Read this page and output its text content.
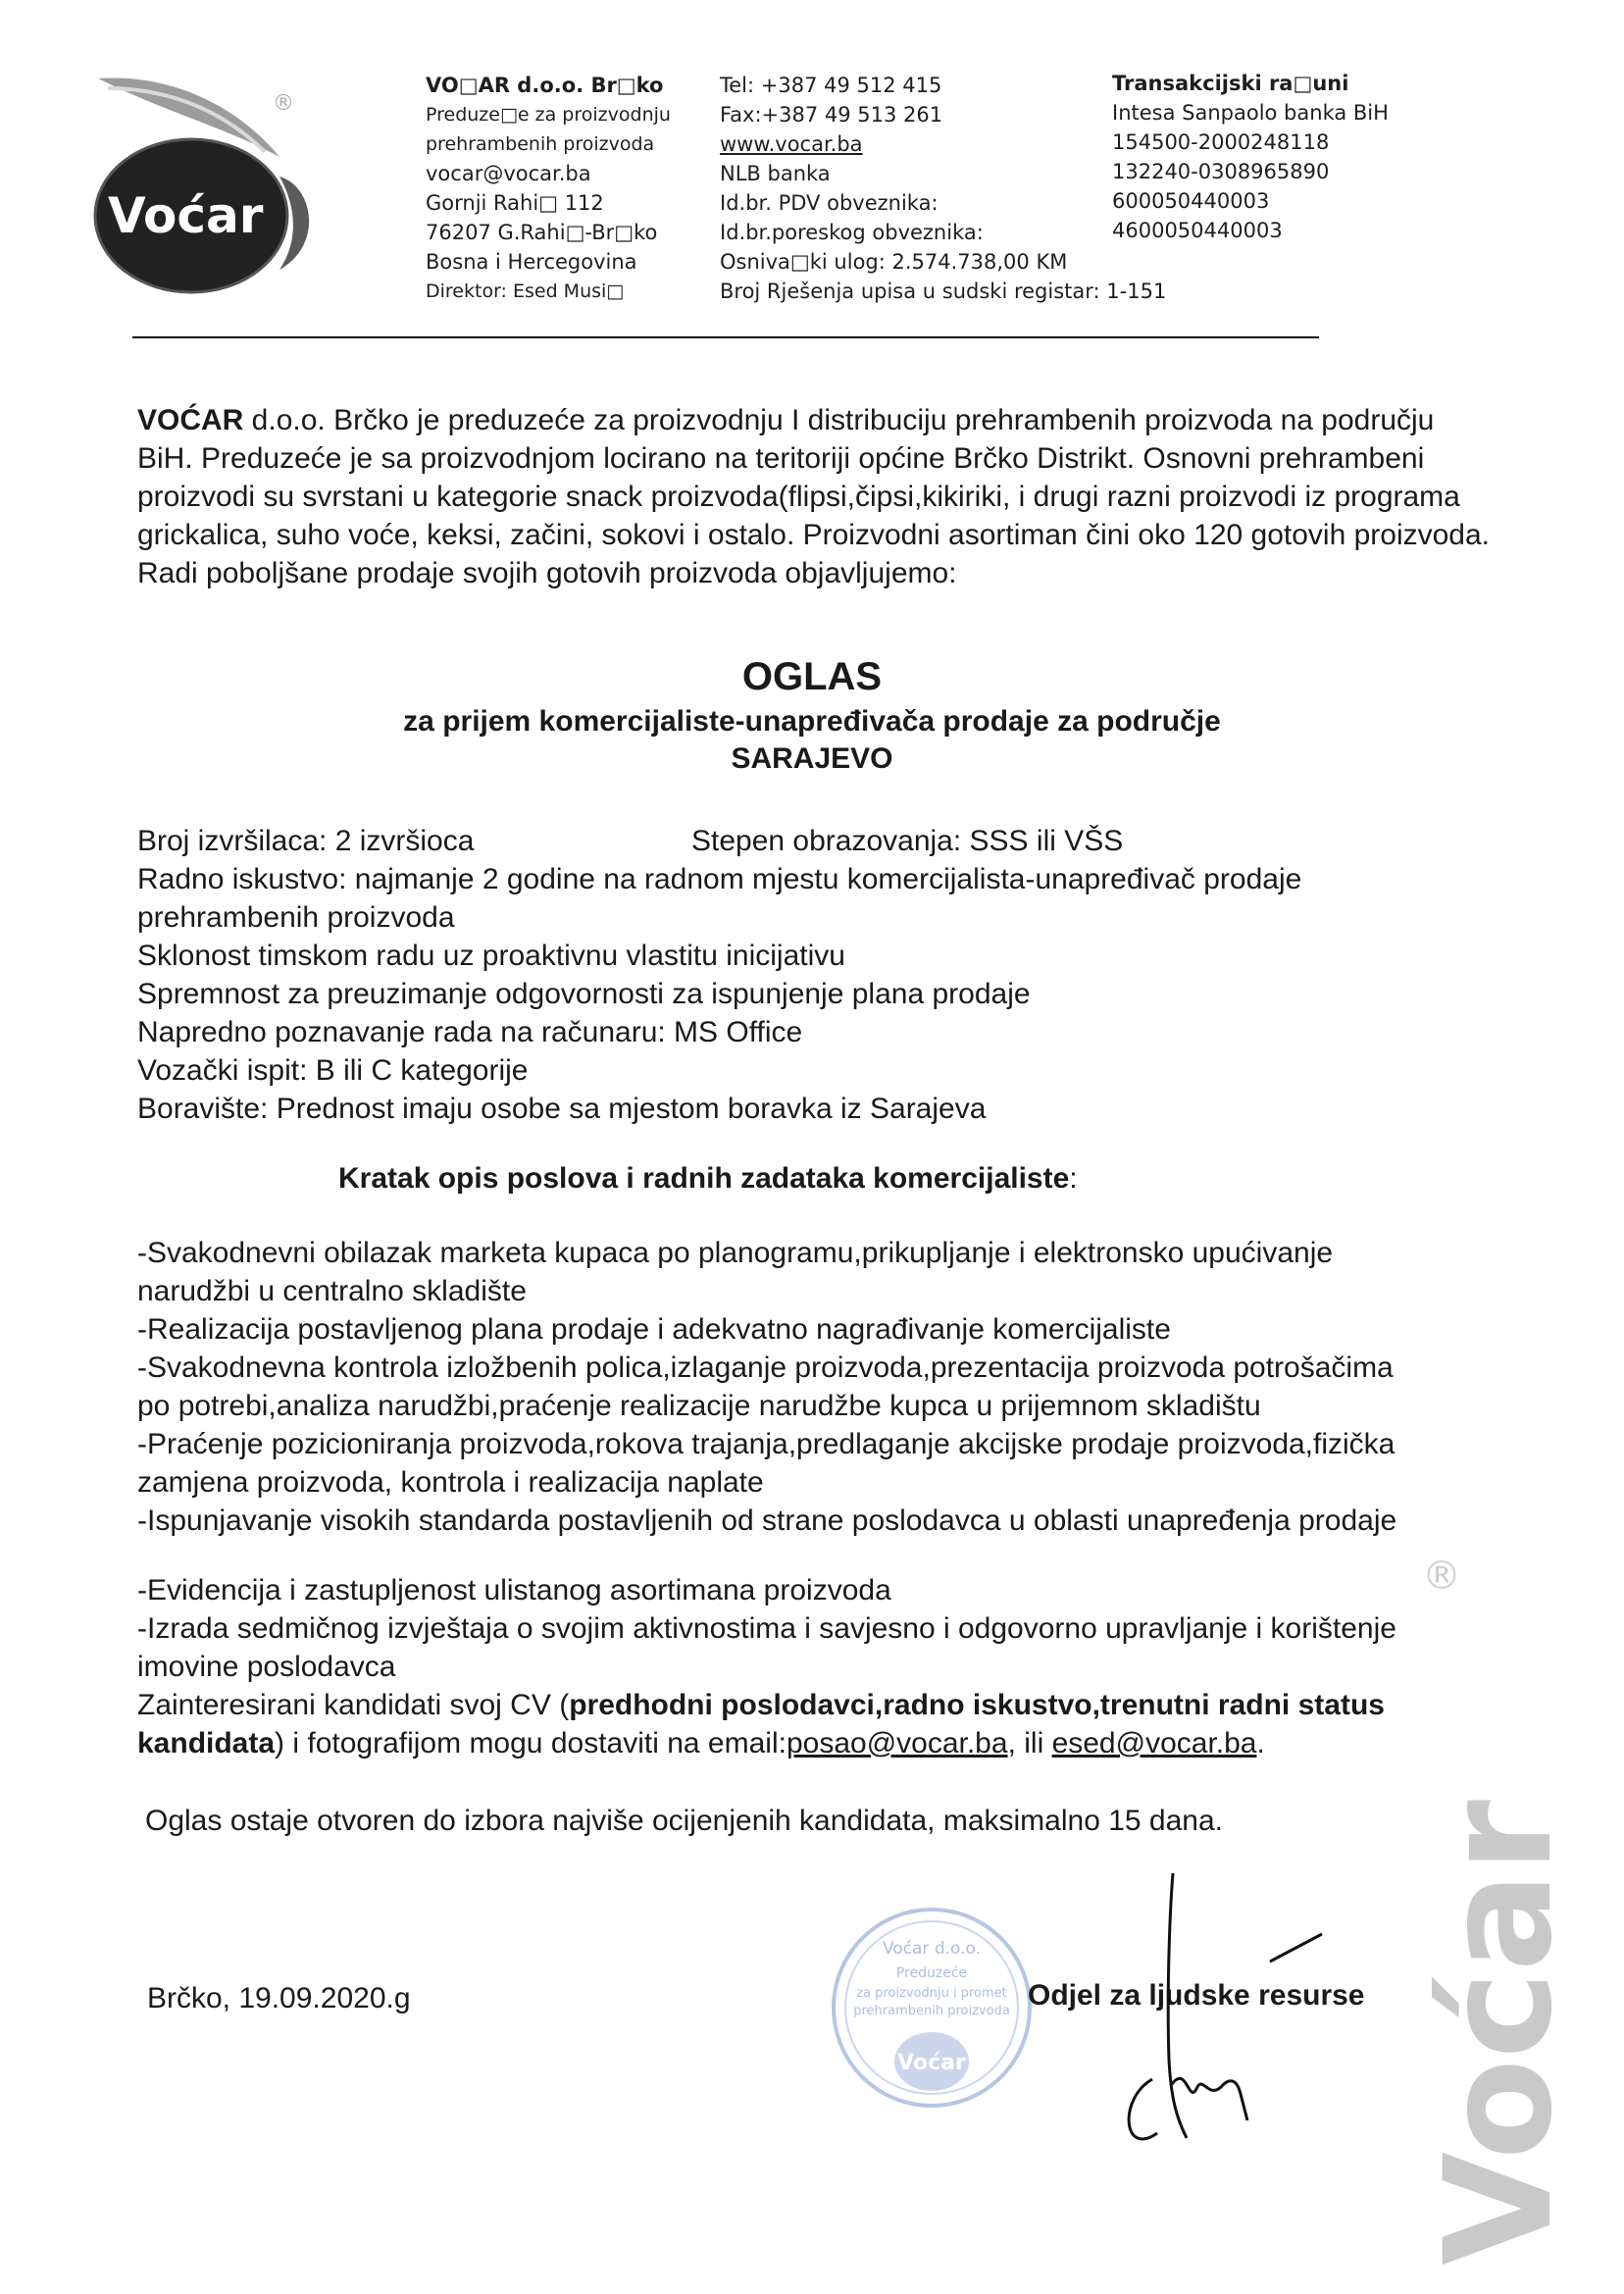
Voćar
®
VO□AR d.o.o. Br□ko
Preduze□e za proizvodnju
prehrambenih proizvoda
vocar@vocar.ba
Gornji Rahi□ 112
76207 G.Rahi□-Br□ko
Bosna i Hercegovina
Direktor: Esed Musi□
Tel: +387 49 512 415
Fax:+387 49 513 261
www.vocar.ba
NLB banka
Id.br. PDV obveznika:
Id.br.poreskog obveznika:
Osniva□ki ulog: 2.574.738,00 KM
Broj Rješenja upisa u sudski registar: 1-151
Transakcijski ra□uni
Intesa Sanpaolo banka BiH
154500-2000248118
132240-0308965890
600050440003
4600050440003
VOĆAR d.o.o. Brčko je preduzeće za proizvodnju I distribuciju prehrambenih proizvoda na području
BiH. Preduzeće je sa proizvodnjom locirano na teritoriji općine Brčko Distrikt. Osnovni prehrambeni
proizvodi su svrstani u kategorie snack proizvoda(flipsi,čipsi,kikiriki, i drugi razni proizvodi iz programa
grickalica, suho voće, keksi, začini, sokovi i ostalo. Proizvodni asortiman čini oko 120 gotovih proizvoda.
Radi poboljšane prodaje svojih gotovih proizvoda objavljujemo:
OGLAS
za prijem komercijaliste-unapređivača prodaje za područje
SARAJEVO
Broj izvršilaca: 2 izvršioca	Stepen obrazovanja: SSS ili VŠS
Radno iskustvo: najmanje 2 godine na radnom mjestu komercijalista-unapređivač prodaje
prehrambenih proizvoda
Sklonost timskom radu uz proaktivnu vlastitu inicijativu
Spremnost za preuzimanje odgovornosti za ispunjenje plana prodaje
Napredno poznavanje rada na računaru: MS Office
Vozački ispit: B ili C kategorije
Boravište: Prednost imaju osobe sa mjestom boravka iz Sarajeva
Kratak opis poslova i radnih zadataka komercijaliste:
-Svakodnevni obilazak marketa kupaca po planogramu,prikupljanje i elektronsko upućivanje
narudžbi u centralno skladište
-Realizacija postavljenog plana prodaje i adekvatno nagrađivanje komercijaliste
-Svakodnevna kontrola izložbenih polica,izlaganje proizvoda,prezentacija proizvoda potrošačima
po potrebi,analiza narudžbi,praćenje realizacije narudžbe kupca u prijemnom skladištu
-Praćenje pozicioniranja proizvoda,rokova trajanja,predlaganje akcijske prodaje proizvoda,fizička
zamjena proizvoda, kontrola i realizacija naplate
-Ispunjavanje visokih standarda postavljenih od strane poslodavca u oblasti unapređenja prodaje
-Evidencija i zastupljenost ulistanog asortimana proizvoda
-Izrada sedmičnog izvještaja o svojim aktivnostima i savjesno i odgovorno upravljanje i korištenje
imovine poslodavca
Zainteresirani kandidati svoj CV (predhodni poslodavci,radno iskustvo,trenutni radni status
kandidata) i fotografijom mogu dostaviti na email:posao@vocar.ba, ili esed@vocar.ba.
Oglas ostaje otvoren do izbora najviše ocijenjenih kandidata, maksimalno 15 dana.
Voćar d.o.o.
Preduzeće
za proizvodnju i promet
prehrambenih proizvoda
Voćar
Brčko, 19.09.2020.g	Odjel za ljudske resurse Voćar
®
